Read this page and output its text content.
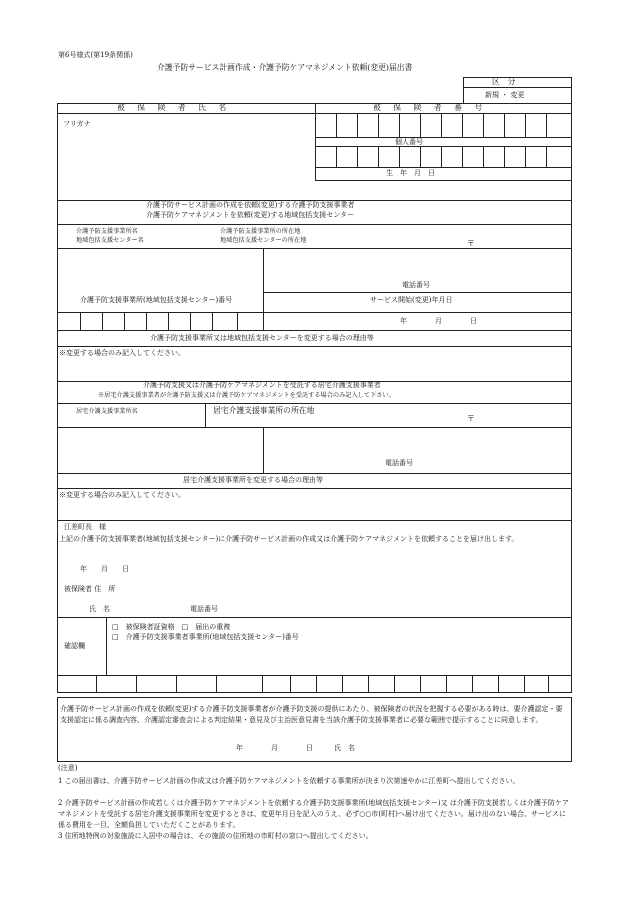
第6号様式(第19条関係)
介護予防サービス計画作成・介護予防ケアマネジメント依頼(変更)届出書
区　分
新規 ・ 変更
被 保 険 者 氏 名	被 保 険 者 番 号
フリガナ
個人番号
生　年　月　日
介護予防サービス計画の作成を依頼(変更)する介護予防支援事業者
介護予防ケアマネジメントを依頼(変更)する地域包括支援センター
介護予防支援事業所名
地域包括支援センター名
介護予防支援事業所の所在地
地域包括支援センターの所在地	〒
電話番号
介護予防支援事業所(地域包括支援センター)番号	サービス開始(変更)年月日
年　　　　月　　　　日
介護予防支援事業所又は地域包括支援センターを変更する場合の理由等
※変更する場合のみ記入してください。
介護予防支援又は介護予防ケアマネジメントを受託する居宅介護支援事業者
※居宅介護支援事業者が介護予防支援又は介護予防ケアマネジメントを受託する場合のみ記入して下さい。
居宅介護支援事業所名	居宅介護支援事業所の所在地
〒
電話番号
居宅介護支援事業所を変更する場合の理由等
※変更する場合のみ記入してください。
江差町長　様
上記の介護予防支援事業者(地域包括支援センター)に介護予防サービス計画の作成又は介護予防ケアマネジメントを依頼することを届け出します。
年　　月　　日
被保険者 住　所
氏　名	電話番号
確認欄
□　被保険者証資格　□　届出の重複
□　介護予防支援事業者事業所(地域包括支援センター)番号
介護予防サービス計画の作成を依頼(変更)する介護予防支援事業者が介護予防支援の提供にあたり、被保険者の状況を把握する必要がある時は、要介護認定・要支援認定に係る調査内容、介護認定審査会による判定結果・意見及び主治医意見書を当該介護予防支援事業者に必要な範囲で提示することに同意します。
年　　　　月　　　　日　　　氏　名
(注意)
1 この届出書は、介護予防サービス計画の作成又は介護予防ケアマネジメントを依頼する事業所が決まり次第速やかに江差町へ提出してください。
2 介護予防サービス計画の作成若しくは介護予防ケアマネジメントを依頼する介護予防支援事業所(地域包括支援センター)又 は介護予防支援若しくは介護予防ケアマネジメントを受託する居宅介護支援事業所を変更するときは、変更年月日を記入のうえ、必ず○○市(町村)へ届け出てください。届け出のない場合、サービスに係る費用を一旦、全額負担していただくことがあります。
3 住所地特例の対象施設に入居中の場合は、その施設の住所地の市町村の窓口へ提出してください。
